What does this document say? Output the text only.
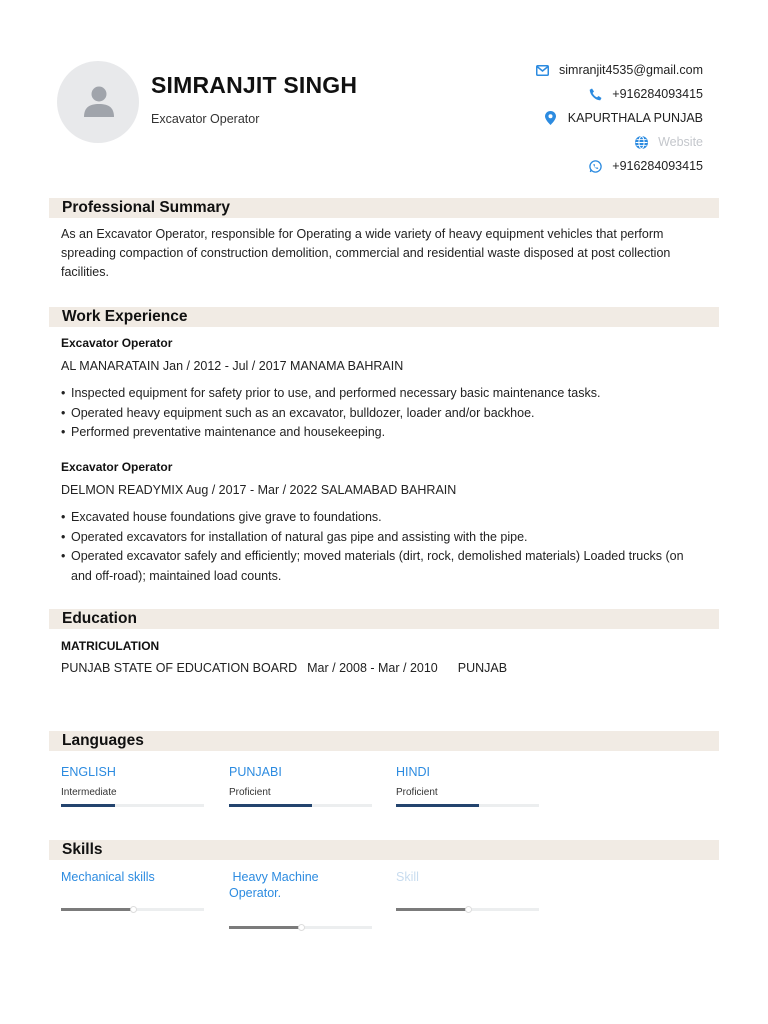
SIMRANJIT SINGH
Excavator Operator
simranjit4535@gmail.com
+916284093415
KAPURTHALA PUNJAB
Website
+916284093415
Professional Summary
As an Excavator Operator, responsible for Operating a wide variety of heavy equipment vehicles that perform spreading compaction of construction demolition, commercial and residential waste disposed at post collection facilities.
Work Experience
Excavator Operator
AL MANARATAIN Jan / 2012 - Jul / 2017 MANAMA BAHRAIN
• Inspected equipment for safety prior to use, and performed necessary basic maintenance tasks.
• Operated heavy equipment such as an excavator, bulldozer, loader and/or backhoe.
• Performed preventative maintenance and housekeeping.
Excavator Operator
DELMON READYMIX Aug / 2017 - Mar / 2022 SALAMABAD BAHRAIN
• Excavated house foundations give grave to foundations.
• Operated excavators for installation of natural gas pipe and assisting with the pipe.
• Operated excavator safely and efficiently; moved materials (dirt, rock, demolished materials) Loaded trucks (on and off-road); maintained load counts.
Education
MATRICULATION
PUNJAB STATE OF EDUCATION BOARD Mar / 2008 - Mar / 2010 PUNJAB
Languages
ENGLISH
Intermediate
PUNJABI
Proficient
HINDI
Proficient
Skills
Mechanical skills	Heavy Machine Operator.
Skill
